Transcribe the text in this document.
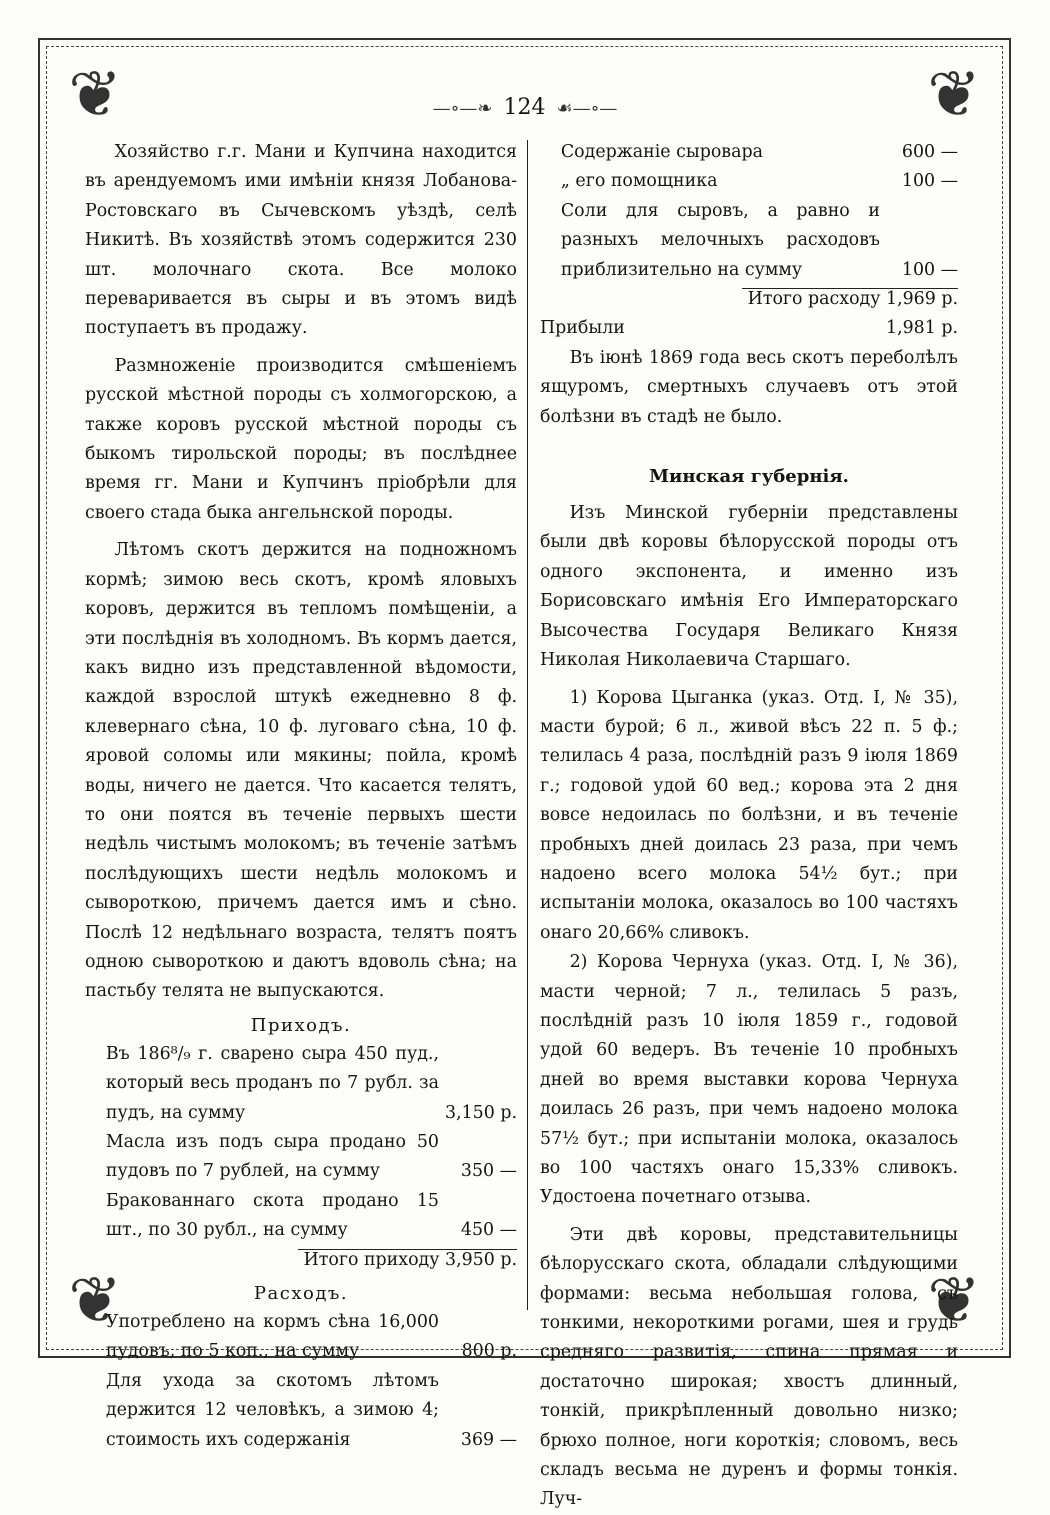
❦	❦
❦	❦
—∘—❧ 124 ☙—∘—

Хозяйство г.г. Мани и Купчина находится въ арендуемомъ ими имѣніи князя Лобанова-Ростовскаго въ Сычевскомъ уѣздѣ, селѣ Никитѣ. Въ хозяйствѣ этомъ содержится 230 шт. молочнаго скота. Все молоко переваривается въ сыры и въ этомъ видѣ поступаетъ въ продажу.

Размноженіе производится смѣшеніемъ русской мѣстной породы съ холмогорскою, а также коровъ русской мѣстной породы съ быкомъ тирольской породы; въ послѣднее время гг. Мани и Купчинъ пріобрѣли для своего стада быка ангельнской породы.

Лѣтомъ скотъ держится на подножномъ кормѣ; зимою весь скотъ, кромѣ яловыхъ коровъ, держится въ тепломъ помѣщеніи, а эти послѣднія въ холодномъ. Въ кормъ дается, какъ видно изъ представленной вѣдомости, каждой взрослой штукѣ ежедневно 8 ф. клевернаго сѣна, 10 ф. луговаго сѣна, 10 ф. яровой соломы или мякины; пойла, кромѣ воды, ничего не дается. Что касается телятъ, то они поятся въ теченіе первыхъ шести недѣль чистымъ молокомъ; въ теченіе затѣмъ послѣдующихъ шести недѣль молокомъ и сывороткою, причемъ дается имъ и сѣно. Послѣ 12 недѣльнаго возраста, телятъ поятъ одною сывороткою и даютъ вдоволь сѣна; на пастьбу телята не выпускаются.

Приходъ.
Въ 186⁸/₉ г. сварено сыра 450 пуд., который весь проданъ по 7 рубл. за пудъ, на сумму	3,150 р.
Масла изъ подъ сыра продано 50 пудовъ по 7 рублей, на сумму	350 —
Бракованнаго скота продано 15 шт., по 30 рубл., на сумму	450 —
Итого приходу 3,950 р.
Расходъ.
Употреблено на кормъ сѣна 16,000 пудовъ, по 5 коп., на сумму	800 р.
Для ухода за скотомъ лѣтомъ держится 12 человѣкъ, а зимою 4; стоимость ихъ содержанія	369 —
Содержаніе сыровара	600 —
„ его помощника	100 —
Соли для сыровъ, а равно и разныхъ мелочныхъ расходовъ приблизительно на сумму	100 —
Итого расходу 1,969 р.
Прибыли	1,981 р.

Въ іюнѣ 1869 года весь скотъ переболѣлъ ящуромъ, смертныхъ случаевъ отъ этой болѣзни въ стадѣ не было.

Минская губернія.

Изъ Минской губерніи представлены были двѣ коровы бѣлорусской породы отъ одного экспонента, и именно изъ Борисовскаго имѣнія Его Императорскаго Высочества Государя Великаго Князя Николая Николаевича Старшаго.

1) Корова Цыганка (указ. Отд. I, № 35), масти бурой; 6 л., живой вѣсъ 22 п. 5 ф.; телилась 4 раза, послѣдній разъ 9 іюля 1869 г.; годовой удой 60 вед.; корова эта 2 дня вовсе недоилась по болѣзни, и въ теченіе пробныхъ дней доилась 23 раза, при чемъ надоено всего молока 54½ бут.; при испытаніи молока, оказалось во 100 частяхъ онаго 20,66% сливокъ.

2) Корова Чернуха (указ. Отд. I, № 36), масти черной; 7 л., телилась 5 разъ, послѣдній разъ 10 іюля 1859 г., годовой удой 60 ведеръ. Въ теченіе 10 пробныхъ дней во время выставки корова Чернуха доилась 26 разъ, при чемъ надоено молока 57½ бут.; при испытаніи молока, оказалось во 100 частяхъ онаго 15,33% сливокъ. Удостоена почетнаго отзыва.

Эти двѣ коровы, представительницы бѣлорусскаго скота, обладали слѣдующими формами: весьма небольшая голова, съ тонкими, некороткими рогами, шея и грудь средняго развитія, спина прямая и достаточно широкая; хвостъ длинный, тонкій, прикрѣпленный довольно низко; брюхо полное, ноги короткія; словомъ, весь складъ весьма не дуренъ и формы тонкія. Луч-
